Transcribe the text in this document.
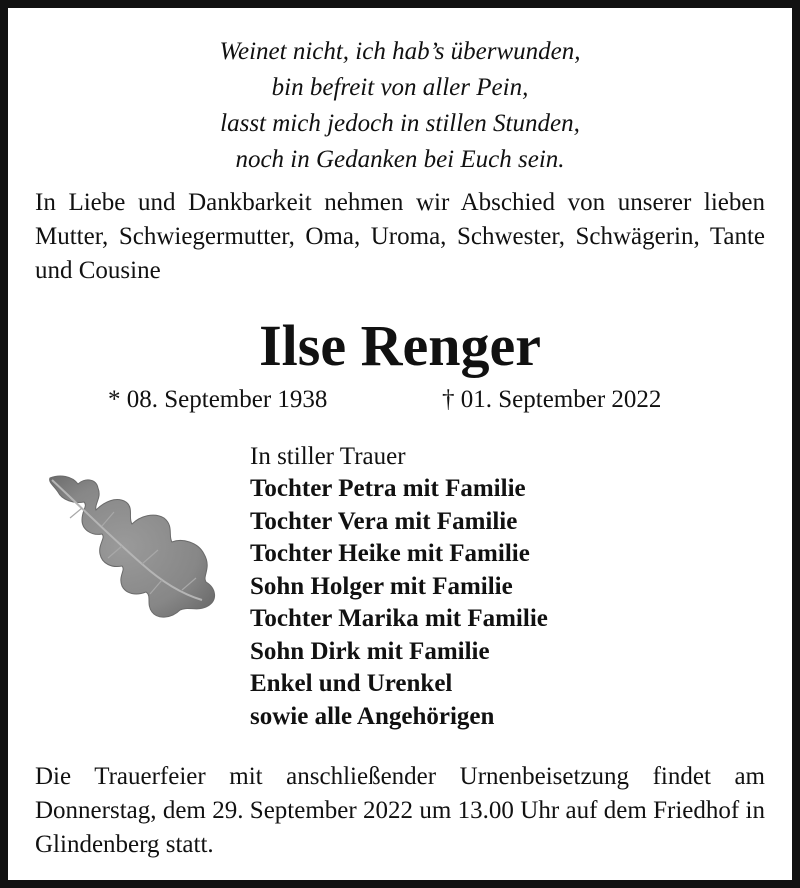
Weinet nicht, ich hab’s überwunden,
bin befreit von aller Pein,
lasst mich jedoch in stillen Stunden,
noch in Gedanken bei Euch sein.
In Liebe und Dankbarkeit nehmen wir Abschied von unserer lieben Mutter, Schwiegermutter, Oma, Uroma, Schwester, Schwägerin, Tante und Cousine
Ilse Renger
* 08. September 1938	† 01. September 2022
In stiller Trauer
Tochter Petra mit Familie
Tochter Vera mit Familie
Tochter Heike mit Familie
Sohn Holger mit Familie
Tochter Marika mit Familie
Sohn Dirk mit Familie
Enkel und Urenkel
sowie alle Angehörigen
Die Trauerfeier mit anschließender Urnenbeisetzung findet am Donnerstag, dem 29. September 2022 um 13.00 Uhr auf dem Friedhof in Glindenberg statt.
